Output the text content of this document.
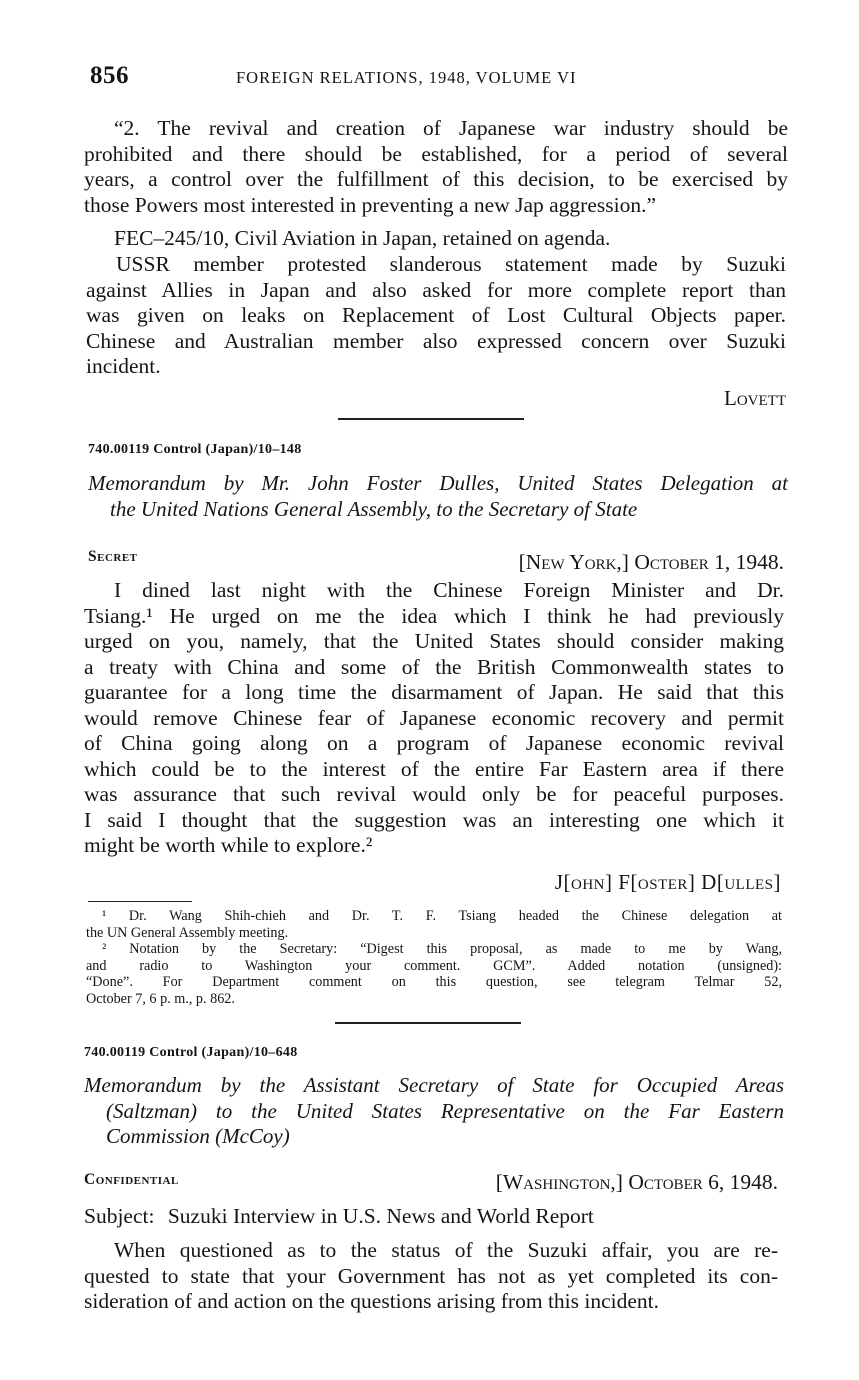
856	FOREIGN RELATIONS, 1948, VOLUME VI
“2. The revival and creation of Japanese war industry should be
prohibited and there should be established, for a period of several
years, a control over the fulfillment of this decision, to be exercised by
those Powers most interested in preventing a new Jap aggression.”
FEC–245/10, Civil Aviation in Japan, retained on agenda.
USSR member protested slanderous statement made by Suzuki
against Allies in Japan and also asked for more complete report than
was given on leaks on Replacement of Lost Cultural Objects paper.
Chinese and Australian member also expressed concern over Suzuki
incident.
Lovett
740.00119 Control (Japan)/10–148
Memorandum by Mr. John Foster Dulles, United States Delegation at
the United Nations General Assembly, to the Secretary of State
Secret	[New York,] October 1, 1948.
I dined last night with the Chinese Foreign Minister and Dr.
Tsiang.¹ He urged on me the idea which I think he had previously
urged on you, namely, that the United States should consider making
a treaty with China and some of the British Commonwealth states to
guarantee for a long time the disarmament of Japan. He said that this
would remove Chinese fear of Japanese economic recovery and permit
of China going along on a program of Japanese economic revival
which could be to the interest of the entire Far Eastern area if there
was assurance that such revival would only be for peaceful purposes.
I said I thought that the suggestion was an interesting one which it
might be worth while to explore.²
J[ohn] F[oster] D[ulles]
¹ Dr. Wang Shih-chieh and Dr. T. F. Tsiang headed the Chinese delegation at
the UN General Assembly meeting.
² Notation by the Secretary: “Digest this proposal, as made to me by Wang,
and radio to Washington your comment. GCM”. Added notation (unsigned):
“Done”. For Department comment on this question, see telegram Telmar 52,
October 7, 6 p. m., p. 862.
740.00119 Control (Japan)/10–648
Memorandum by the Assistant Secretary of State for Occupied Areas
(Saltzman) to the United States Representative on the Far Eastern
Commission (McCoy)
Confidential	[Washington,] October 6, 1948.
Subject: Suzuki Interview in U.S. News and World Report
When questioned as to the status of the Suzuki affair, you are re-
quested to state that your Government has not as yet completed its con-
sideration of and action on the questions arising from this incident.
